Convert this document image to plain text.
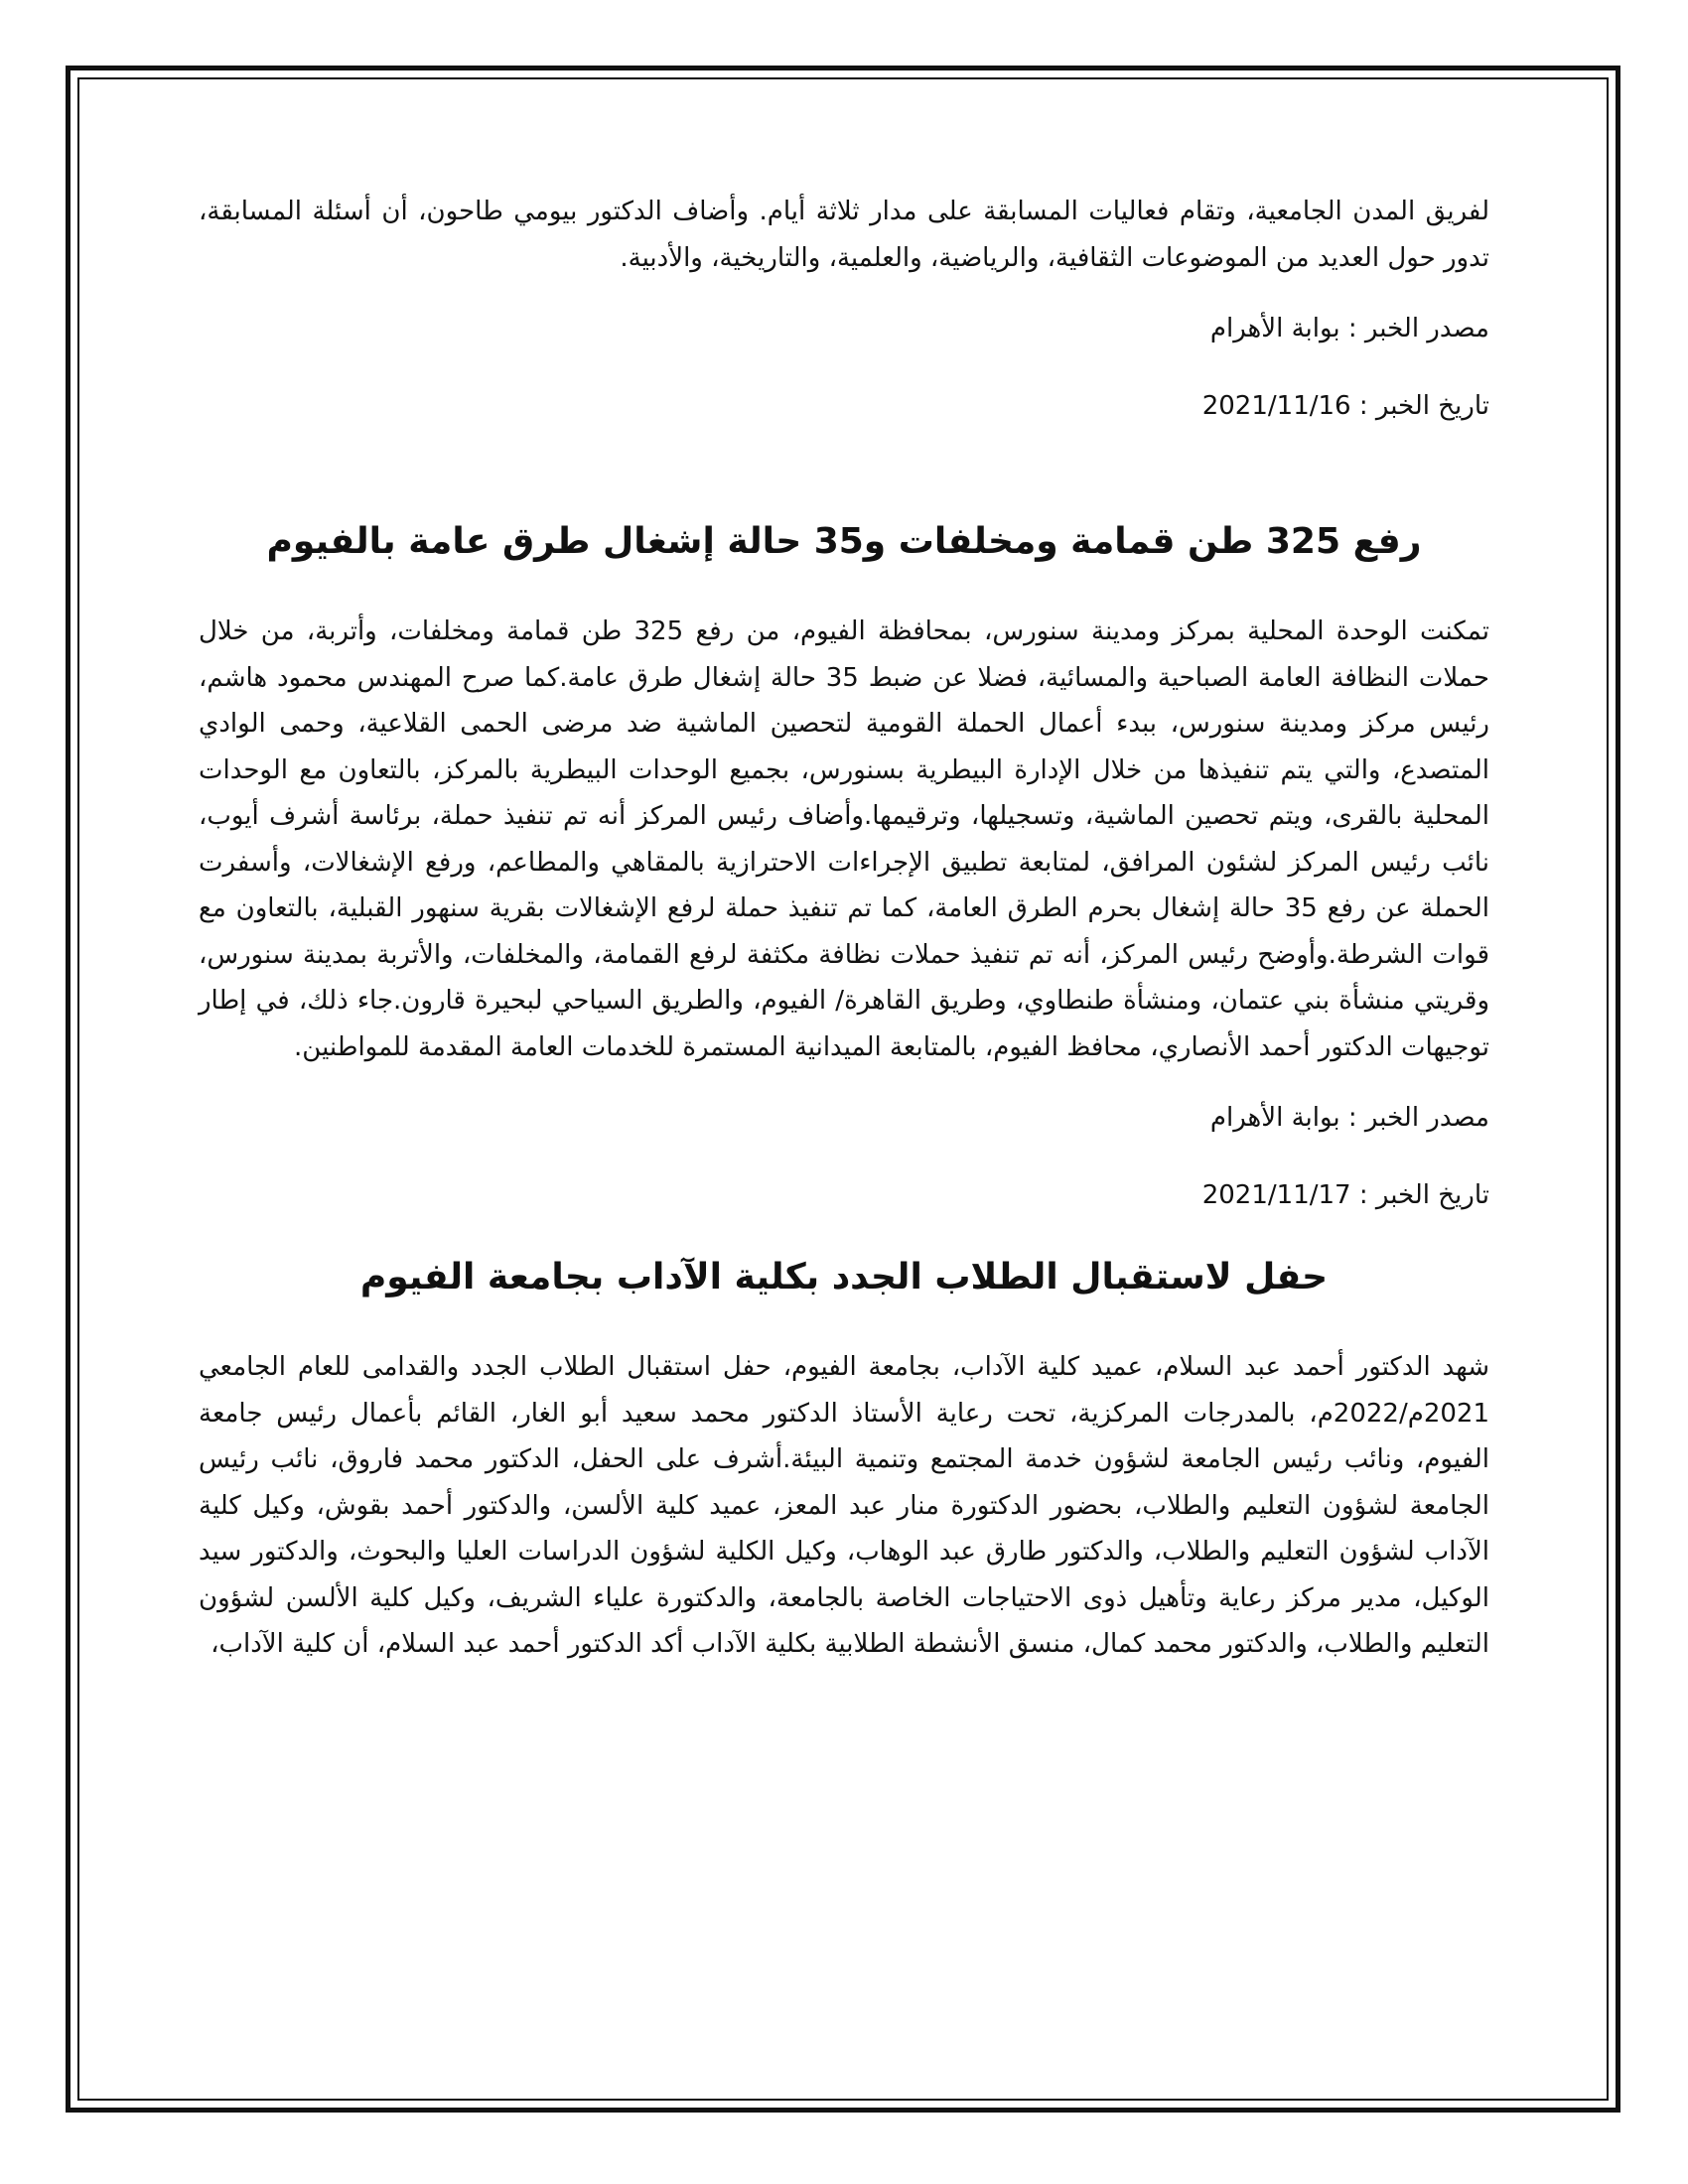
لفريق المدن الجامعية، وتقام فعاليات المسابقة على مدار ثلاثة أيام. وأضاف الدكتور بيومي طاحون، أن أسئلة المسابقة، تدور حول العديد من الموضوعات الثقافية، والرياضية، والعلمية، والتاريخية، والأدبية.

مصدر الخبر : بوابة الأهرام

تاريخ الخبر : 2021/11/16

رفع 325 طن قمامة ومخلفات و35 حالة إشغال طرق عامة بالفيوم

تمكنت الوحدة المحلية بمركز ومدينة سنورس، بمحافظة الفيوم، من رفع 325 طن قمامة ومخلفات، وأتربة، من خلال حملات النظافة العامة الصباحية والمسائية، فضلا عن ضبط 35 حالة إشغال طرق عامة.كما صرح المهندس محمود هاشم، رئيس مركز ومدينة سنورس، ببدء أعمال الحملة القومية لتحصين الماشية ضد مرضى الحمى القلاعية، وحمى الوادي المتصدع، والتي يتم تنفيذها من خلال الإدارة البيطرية بسنورس، بجميع الوحدات البيطرية بالمركز، بالتعاون مع الوحدات المحلية بالقرى، ويتم تحصين الماشية، وتسجيلها، وترقيمها.وأضاف رئيس المركز أنه تم تنفيذ حملة، برئاسة أشرف أيوب، نائب رئيس المركز لشئون المرافق، لمتابعة تطبيق الإجراءات الاحترازية بالمقاهي والمطاعم، ورفع الإشغالات، وأسفرت الحملة عن رفع 35 حالة إشغال بحرم الطرق العامة، كما تم تنفيذ حملة لرفع الإشغالات بقرية سنهور القبلية، بالتعاون مع قوات الشرطة.وأوضح رئيس المركز، أنه تم تنفيذ حملات نظافة مكثفة لرفع القمامة، والمخلفات، والأتربة بمدينة سنورس، وقريتي منشأة بني عتمان، ومنشأة طنطاوي، وطريق القاهرة/ الفيوم، والطريق السياحي لبحيرة قارون.جاء ذلك، في إطار توجيهات الدكتور أحمد الأنصاري، محافظ الفيوم، بالمتابعة الميدانية المستمرة للخدمات العامة المقدمة للمواطنين.

مصدر الخبر : بوابة الأهرام

تاريخ الخبر : 2021/11/17

حفل لاستقبال الطلاب الجدد بكلية الآداب بجامعة الفيوم

شهد الدكتور أحمد عبد السلام، عميد كلية الآداب، بجامعة الفيوم، حفل استقبال الطلاب الجدد والقدامى للعام الجامعي 2021م/2022م، بالمدرجات المركزية، تحت رعاية الأستاذ الدكتور محمد سعيد أبو الغار، القائم بأعمال رئيس جامعة الفيوم، ونائب رئيس الجامعة لشؤون خدمة المجتمع وتنمية البيئة.أشرف على الحفل، الدكتور محمد فاروق، نائب رئيس الجامعة لشؤون التعليم والطلاب، بحضور الدكتورة منار عبد المعز، عميد كلية الألسن، والدكتور أحمد بقوش، وكيل كلية الآداب لشؤون التعليم والطلاب، والدكتور طارق عبد الوهاب، وكيل الكلية لشؤون الدراسات العليا والبحوث، والدكتور سيد الوكيل، مدير مركز رعاية وتأهيل ذوى الاحتياجات الخاصة بالجامعة، والدكتورة علياء الشريف، وكيل كلية الألسن لشؤون التعليم والطلاب، والدكتور محمد كمال، منسق الأنشطة الطلابية بكلية الآداب أكد الدكتور أحمد عبد السلام، أن كلية الآداب،
